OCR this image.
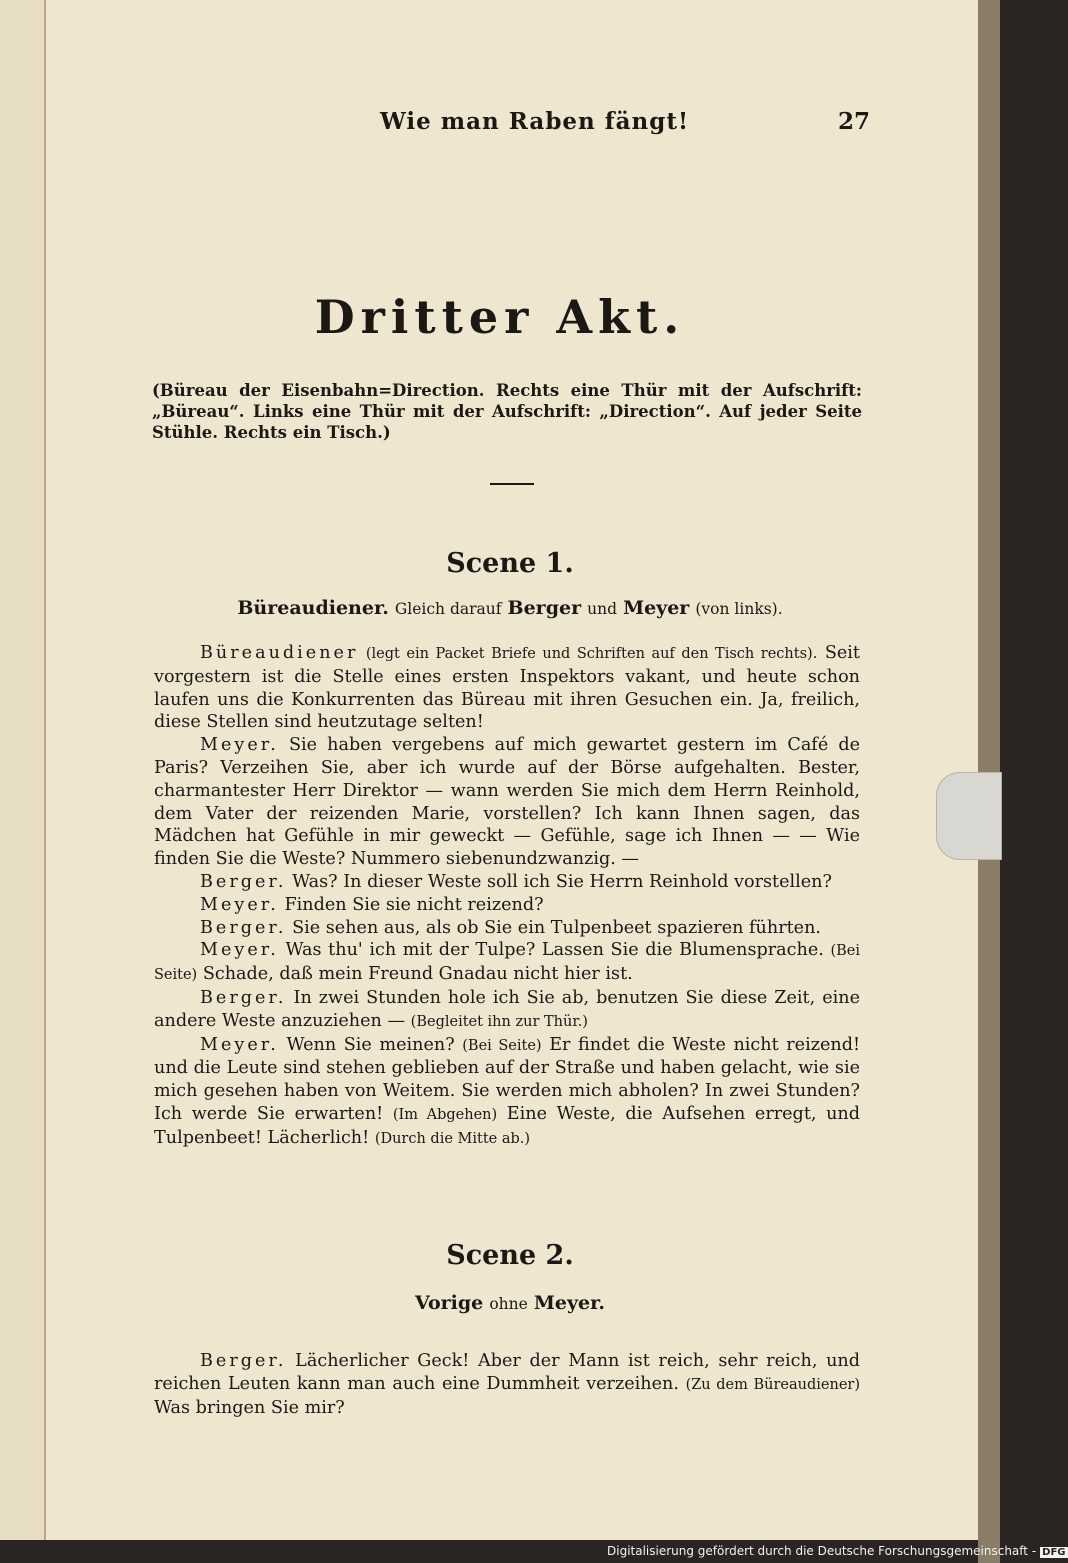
Wie man Raben fängt!	27
Dritter Akt.
(Büreau der Eisenbahn=Direction. Rechts eine Thür mit der Aufschrift: „Büreau“. Links eine Thür mit der Aufschrift: „Direction“. Auf jeder Seite Stühle. Rechts ein Tisch.)
Scene 1.
Büreaudiener. Gleich darauf Berger und Meyer (von links).

Büreaudiener (legt ein Packet Briefe und Schriften auf den Tisch rechts). Seit vorgestern ist die Stelle eines ersten Inspektors vakant, und heute schon laufen uns die Konkurrenten das Büreau mit ihren Gesuchen ein. Ja, freilich, diese Stellen sind heutzutage selten!

Meyer. Sie haben vergebens auf mich gewartet gestern im Café de Paris? Verzeihen Sie, aber ich wurde auf der Börse aufgehalten. Bester, charmantester Herr Direktor — wann werden Sie mich dem Herrn Reinhold, dem Vater der reizenden Marie, vorstellen? Ich kann Ihnen sagen, das Mädchen hat Gefühle in mir geweckt — Gefühle, sage ich Ihnen — — Wie finden Sie die Weste? Nummero siebenundzwanzig. —

Berger. Was? In dieser Weste soll ich Sie Herrn Reinhold vorstellen?

Meyer. Finden Sie sie nicht reizend?

Berger. Sie sehen aus, als ob Sie ein Tulpenbeet spazieren führten.

Meyer. Was thu' ich mit der Tulpe? Lassen Sie die Blumensprache. (Bei Seite) Schade, daß mein Freund Gnadau nicht hier ist.

Berger. In zwei Stunden hole ich Sie ab, benutzen Sie diese Zeit, eine andere Weste anzuziehen — (Begleitet ihn zur Thür.)

Meyer. Wenn Sie meinen? (Bei Seite) Er findet die Weste nicht reizend! und die Leute sind stehen geblieben auf der Straße und haben gelacht, wie sie mich gesehen haben von Weitem. Sie werden mich abholen? In zwei Stunden? Ich werde Sie erwarten! (Im Abgehen) Eine Weste, die Aufsehen erregt, und Tulpenbeet! Lächerlich! (Durch die Mitte ab.)

Scene 2.
Vorige ohne Meyer.

Berger. Lächerlicher Geck! Aber der Mann ist reich, sehr reich, und reichen Leuten kann man auch eine Dummheit verzeihen. (Zu dem Büreaudiener) Was bringen Sie mir?

Digitalisierung gefördert durch die Deutsche Forschungsgemeinschaft - DFG
